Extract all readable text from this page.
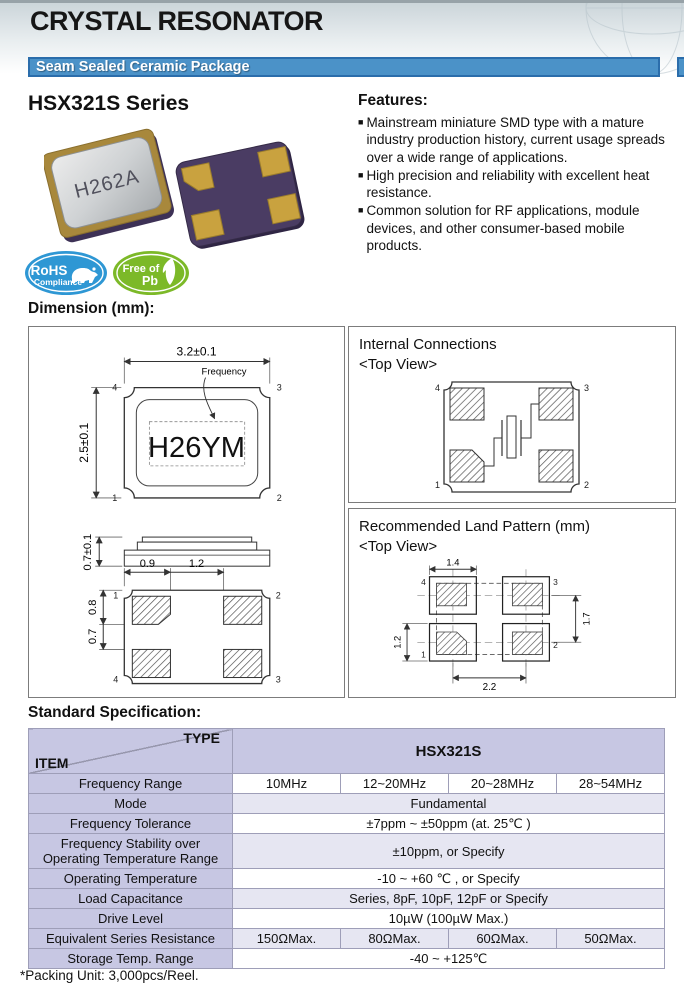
CRYSTAL RESONATOR
Seam Sealed Ceramic Package
HSX321S Series
H262A
RoHS
Compliance
Free of
Pb
Features:
■ Mainstream miniature SMD type with a mature industry production history, current usage spreads over a wide range of applications.
■ High precision and reliability with excellent heat resistance.
■ Common solution for RF applications, module devices, and other consumer-based mobile products.
Dimension (mm):
3.2±0.1
2.5±0.1 H26YM
Frequency
4	3
1	2
0.7±0.1	0.9	1.2
0.8
0.7
1	2
4	3

Internal Connections

<Top View>

4	3
1	2

Recommended Land Pattern (mm)

<Top View>

1.4
1.7
1.2
2.2
4	3
1
2
Standard Specification:
TYPE
ITEM	HSX321S			
Frequency Range	10MHz	12~20MHz	20~28MHz	28~54MHz
Mode	Fundamental			
Frequency Tolerance	±7ppm ~ ±50ppm (at. 25℃ )			
Frequency Stability over Operating Temperature Range	±10ppm, or Specify			
Operating Temperature	-10 ~ +60 ℃ , or Specify			
Load Capacitance	Series, 8pF, 10pF, 12pF or Specify			
Drive Level	10µW (100µW Max.)			
Equivalent Series Resistance	150ΩMax.	80ΩMax.	60ΩMax.	50ΩMax.
Storage Temp. Range	-40 ~ +125℃			
*Packing Unit: 3,000pcs/Reel.
